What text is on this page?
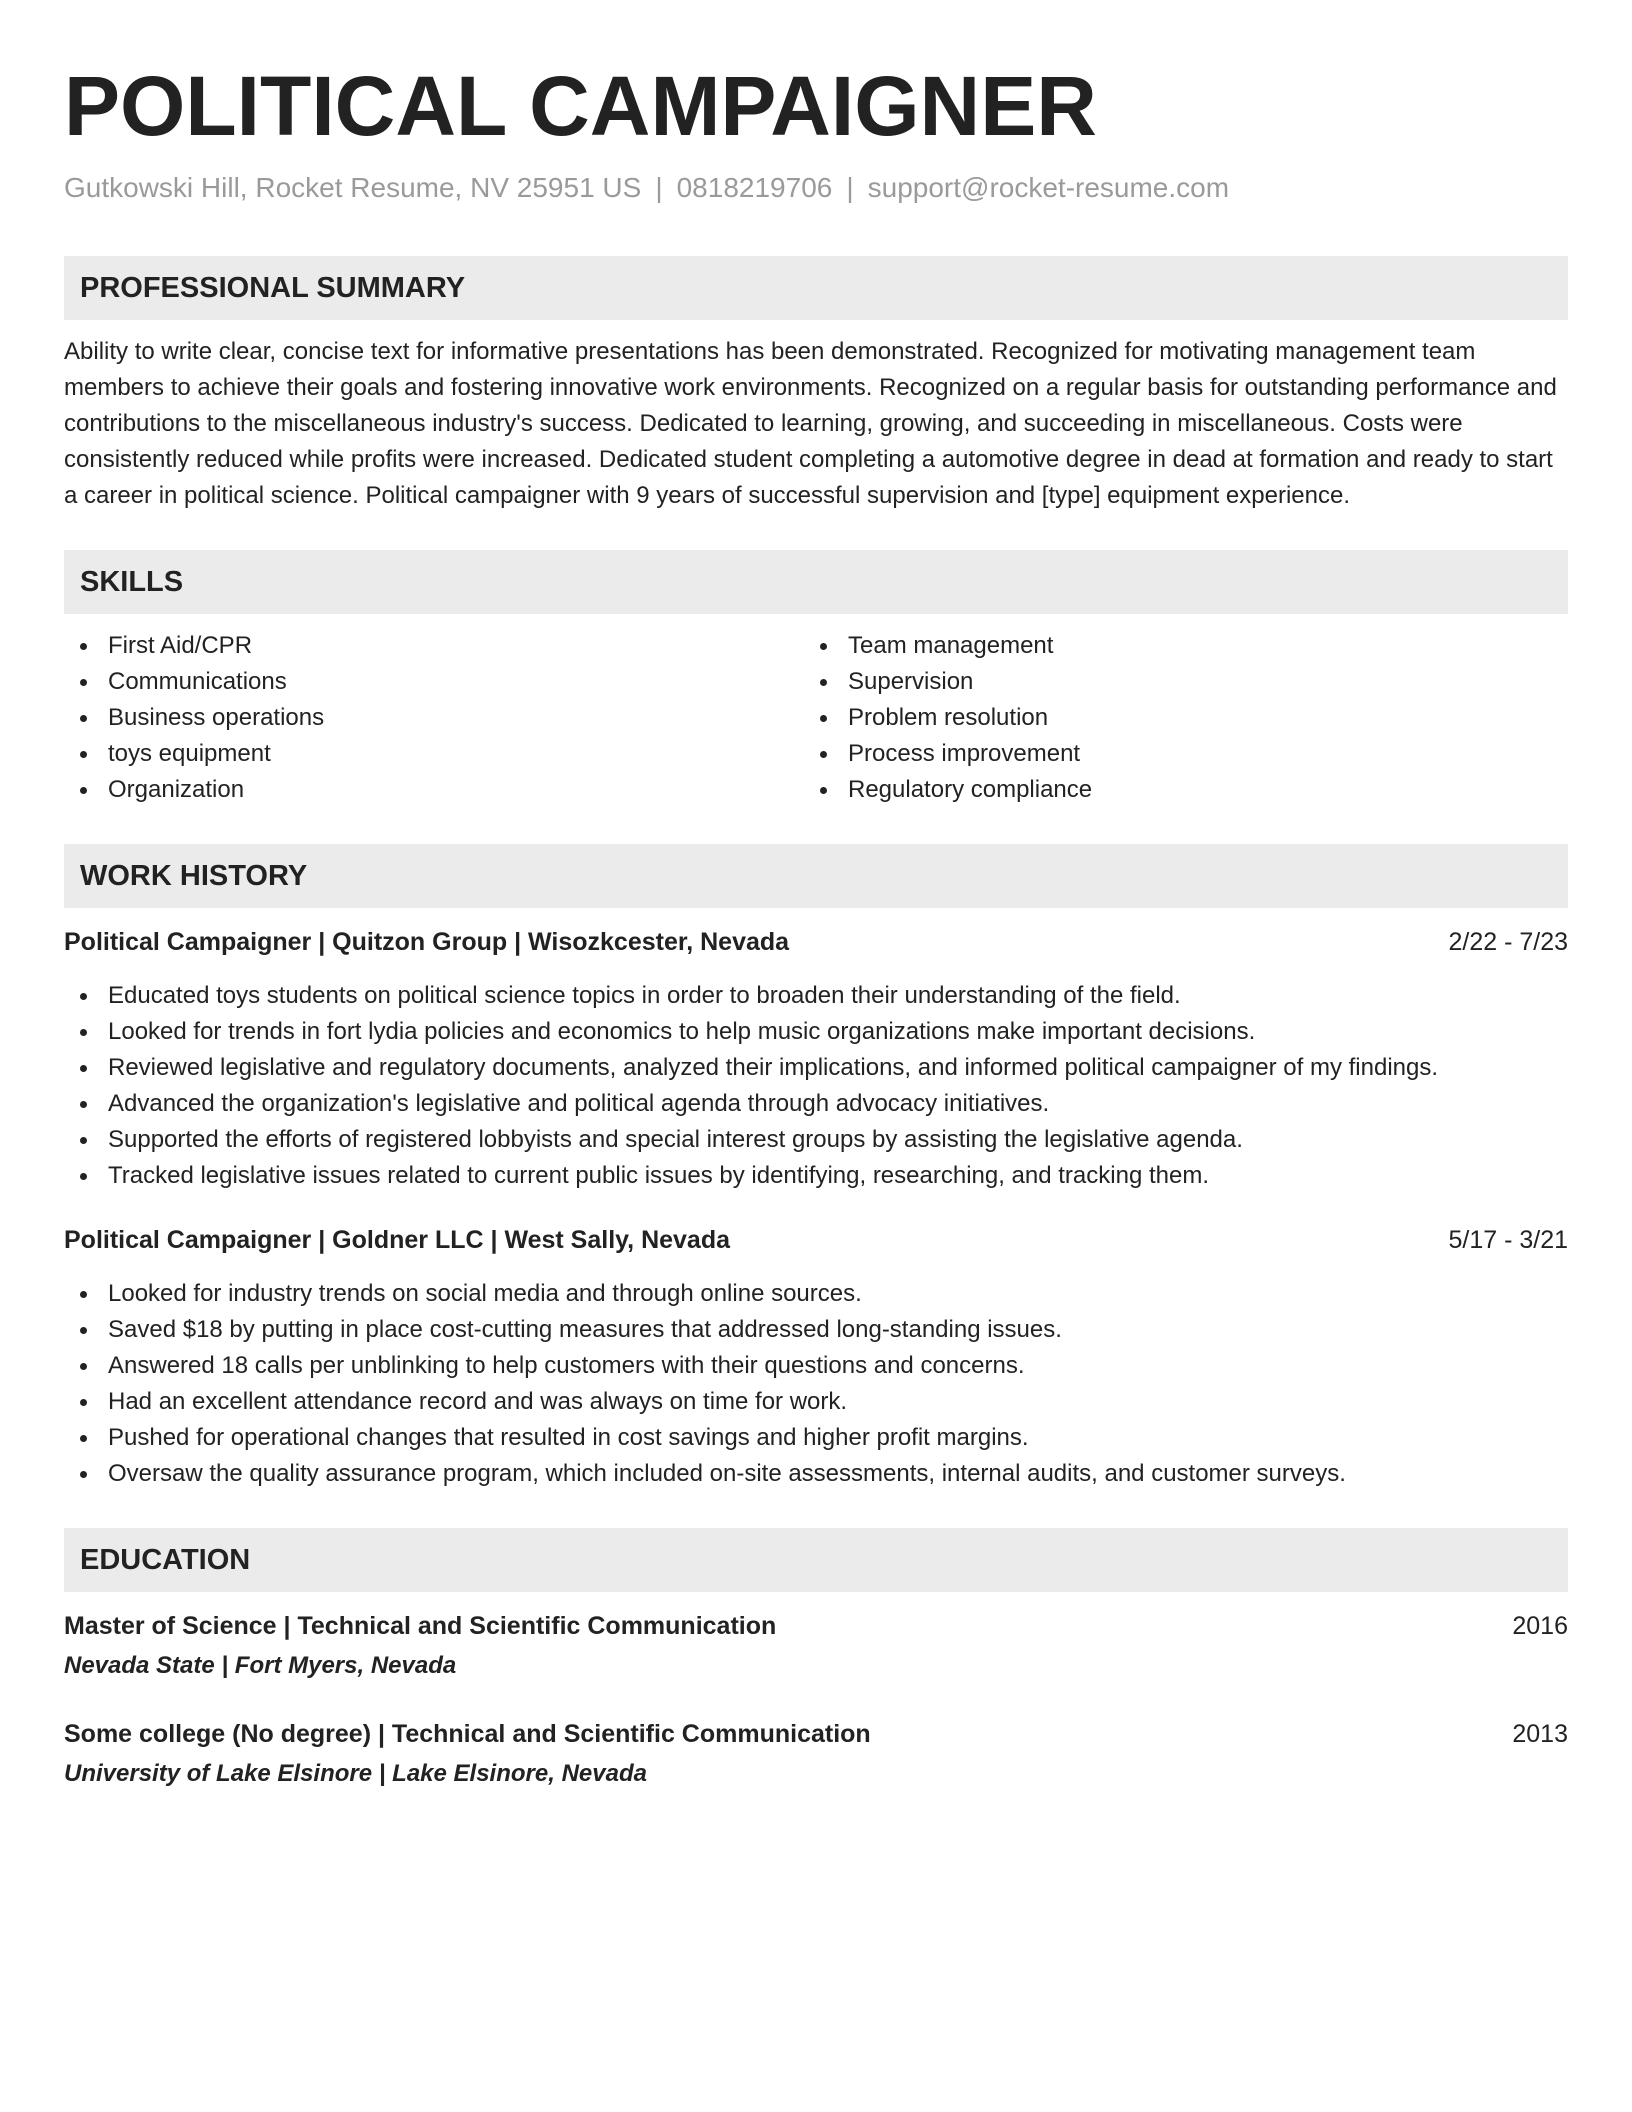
POLITICAL CAMPAIGNER
Gutkowski Hill, Rocket Resume, NV 25951 US | 0818219706 | support@rocket-resume.com
PROFESSIONAL SUMMARY
Ability to write clear, concise text for informative presentations has been demonstrated. Recognized for motivating management team members to achieve their goals and fostering innovative work environments. Recognized on a regular basis for outstanding performance and contributions to the miscellaneous industry's success. Dedicated to learning, growing, and succeeding in miscellaneous. Costs were consistently reduced while profits were increased. Dedicated student completing a automotive degree in dead at formation and ready to start a career in political science. Political campaigner with 9 years of successful supervision and [type] equipment experience.
SKILLS
First Aid/CPR
Communications
Business operations
toys equipment
Organization
Team management
Supervision
Problem resolution
Process improvement
Regulatory compliance
WORK HISTORY
Political Campaigner | Quitzon Group | Wisozkcester, Nevada	2/22 - 7/23
Educated toys students on political science topics in order to broaden their understanding of the field.
Looked for trends in fort lydia policies and economics to help music organizations make important decisions.
Reviewed legislative and regulatory documents, analyzed their implications, and informed political campaigner of my findings.
Advanced the organization's legislative and political agenda through advocacy initiatives.
Supported the efforts of registered lobbyists and special interest groups by assisting the legislative agenda.
Tracked legislative issues related to current public issues by identifying, researching, and tracking them.
Political Campaigner | Goldner LLC | West Sally, Nevada	5/17 - 3/21
Looked for industry trends on social media and through online sources.
Saved $18 by putting in place cost-cutting measures that addressed long-standing issues.
Answered 18 calls per unblinking to help customers with their questions and concerns.
Had an excellent attendance record and was always on time for work.
Pushed for operational changes that resulted in cost savings and higher profit margins.
Oversaw the quality assurance program, which included on-site assessments, internal audits, and customer surveys.
EDUCATION
Master of Science | Technical and Scientific Communication	2016
Nevada State | Fort Myers, Nevada
Some college (No degree) | Technical and Scientific Communication	2013
University of Lake Elsinore | Lake Elsinore, Nevada
